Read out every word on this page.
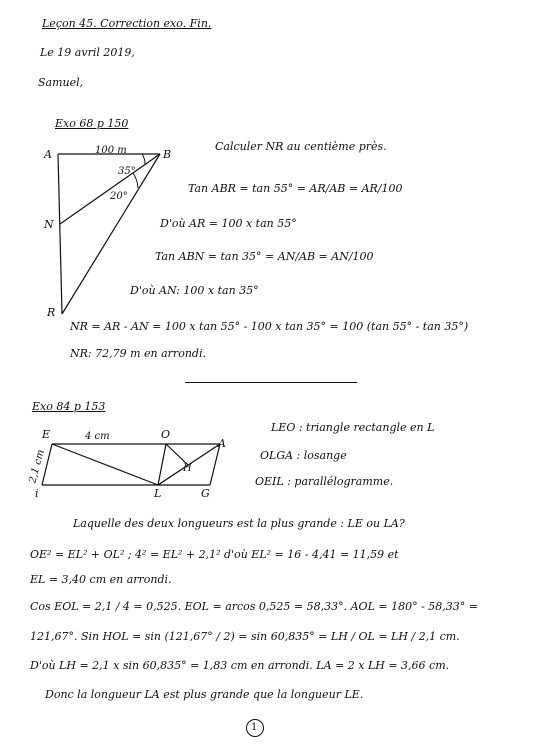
Leçon 45. Correction exo. Fin.
Le 19 avril 2019,
Samuel,
Exo 68 p 150
A	B
100 m
35°
20°
N
R
Calculer NR au centième près.
Tan ABR = tan 55° = AR/AB = AR/100
D'où AR = 100 x tan 55°
Tan ABN = tan 35° = AN/AB = AN/100
D'où AN: 100 x tan 35°
NR = AR - AN = 100 x tan 55° - 100 x tan 35° = 100 (tan 55° - tan 35°)
NR: 72,79 m en arrondi.
Exo 84 p 153
E	4 cm	O
A
H
2,1 cm
i	L	G
LEO : triangle rectangle en L
OLGA : losange
OEIL : parallélogramme.
Laquelle des deux longueurs est la plus grande : LE ou LA?
OE² = EL² + OL² ; 4² = EL² + 2,1² d'où EL² = 16 - 4,41 = 11,59 et
EL = 3,40 cm en arrondi.
Cos EOL = 2,1 / 4 = 0,525. EOL = arcos 0,525 = 58,33°. AOL = 180° - 58,33° =
121,67°. Sin HOL = sin (121,67° / 2) = sin 60,835° = LH / OL = LH / 2,1 cm.
D'où LH = 2,1 x sin 60,835° = 1,83 cm en arrondi. LA = 2 x LH = 3,66 cm.
Donc la longueur LA est plus grande que la longueur LE.
1
